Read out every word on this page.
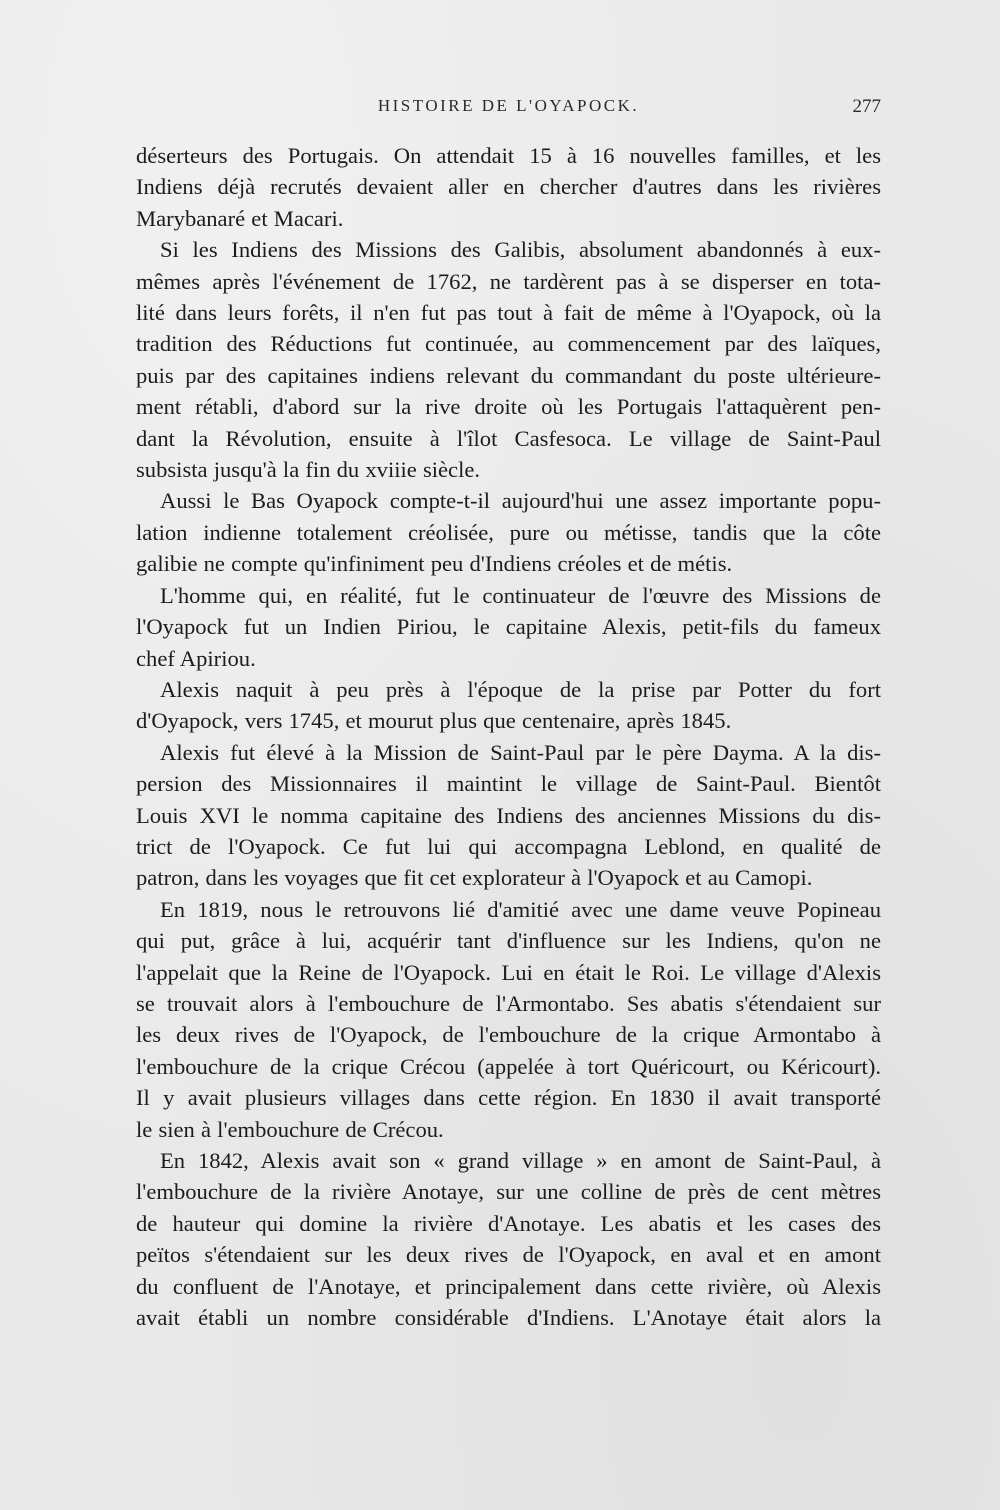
HISTOIRE DE L'OYAPOCK.	277

déserteurs des Portugais. On attendait 15 à 16 nouvelles familles, et les
Indiens déjà recrutés devaient aller en chercher d'autres dans les rivières
Marybanaré et Macari.

Si les Indiens des Missions des Galibis, absolument abandonnés à eux-
mêmes après l'événement de 1762, ne tardèrent pas à se disperser en tota-
lité dans leurs forêts, il n'en fut pas tout à fait de même à l'Oyapock, où la
tradition des Réductions fut continuée, au commencement par des laïques,
puis par des capitaines indiens relevant du commandant du poste ultérieure-
ment rétabli, d'abord sur la rive droite où les Portugais l'attaquèrent pen-
dant la Révolution, ensuite à l'îlot Casfesoca. Le village de Saint-Paul
subsista jusqu'à la fin du xviiie siècle.

Aussi le Bas Oyapock compte-t-il aujourd'hui une assez importante popu-
lation indienne totalement créolisée, pure ou métisse, tandis que la côte
galibie ne compte qu'infiniment peu d'Indiens créoles et de métis.

L'homme qui, en réalité, fut le continuateur de l'œuvre des Missions de
l'Oyapock fut un Indien Piriou, le capitaine Alexis, petit-fils du fameux
chef Apiriou.

Alexis naquit à peu près à l'époque de la prise par Potter du fort
d'Oyapock, vers 1745, et mourut plus que centenaire, après 1845.

Alexis fut élevé à la Mission de Saint-Paul par le père Dayma. A la dis-
persion des Missionnaires il maintint le village de Saint-Paul. Bientôt
Louis XVI le nomma capitaine des Indiens des anciennes Missions du dis-
trict de l'Oyapock. Ce fut lui qui accompagna Leblond, en qualité de
patron, dans les voyages que fit cet explorateur à l'Oyapock et au Camopi.

En 1819, nous le retrouvons lié d'amitié avec une dame veuve Popineau
qui put, grâce à lui, acquérir tant d'influence sur les Indiens, qu'on ne
l'appelait que la Reine de l'Oyapock. Lui en était le Roi. Le village d'Alexis
se trouvait alors à l'embouchure de l'Armontabo. Ses abatis s'étendaient sur
les deux rives de l'Oyapock, de l'embouchure de la crique Armontabo à
l'embouchure de la crique Crécou (appelée à tort Quéricourt, ou Kéricourt).
Il y avait plusieurs villages dans cette région. En 1830 il avait transporté
le sien à l'embouchure de Crécou.

En 1842, Alexis avait son « grand village » en amont de Saint-Paul, à
l'embouchure de la rivière Anotaye, sur une colline de près de cent mètres
de hauteur qui domine la rivière d'Anotaye. Les abatis et les cases des
peïtos s'étendaient sur les deux rives de l'Oyapock, en aval et en amont
du confluent de l'Anotaye, et principalement dans cette rivière, où Alexis
avait établi un nombre considérable d'Indiens. L'Anotaye était alors la
